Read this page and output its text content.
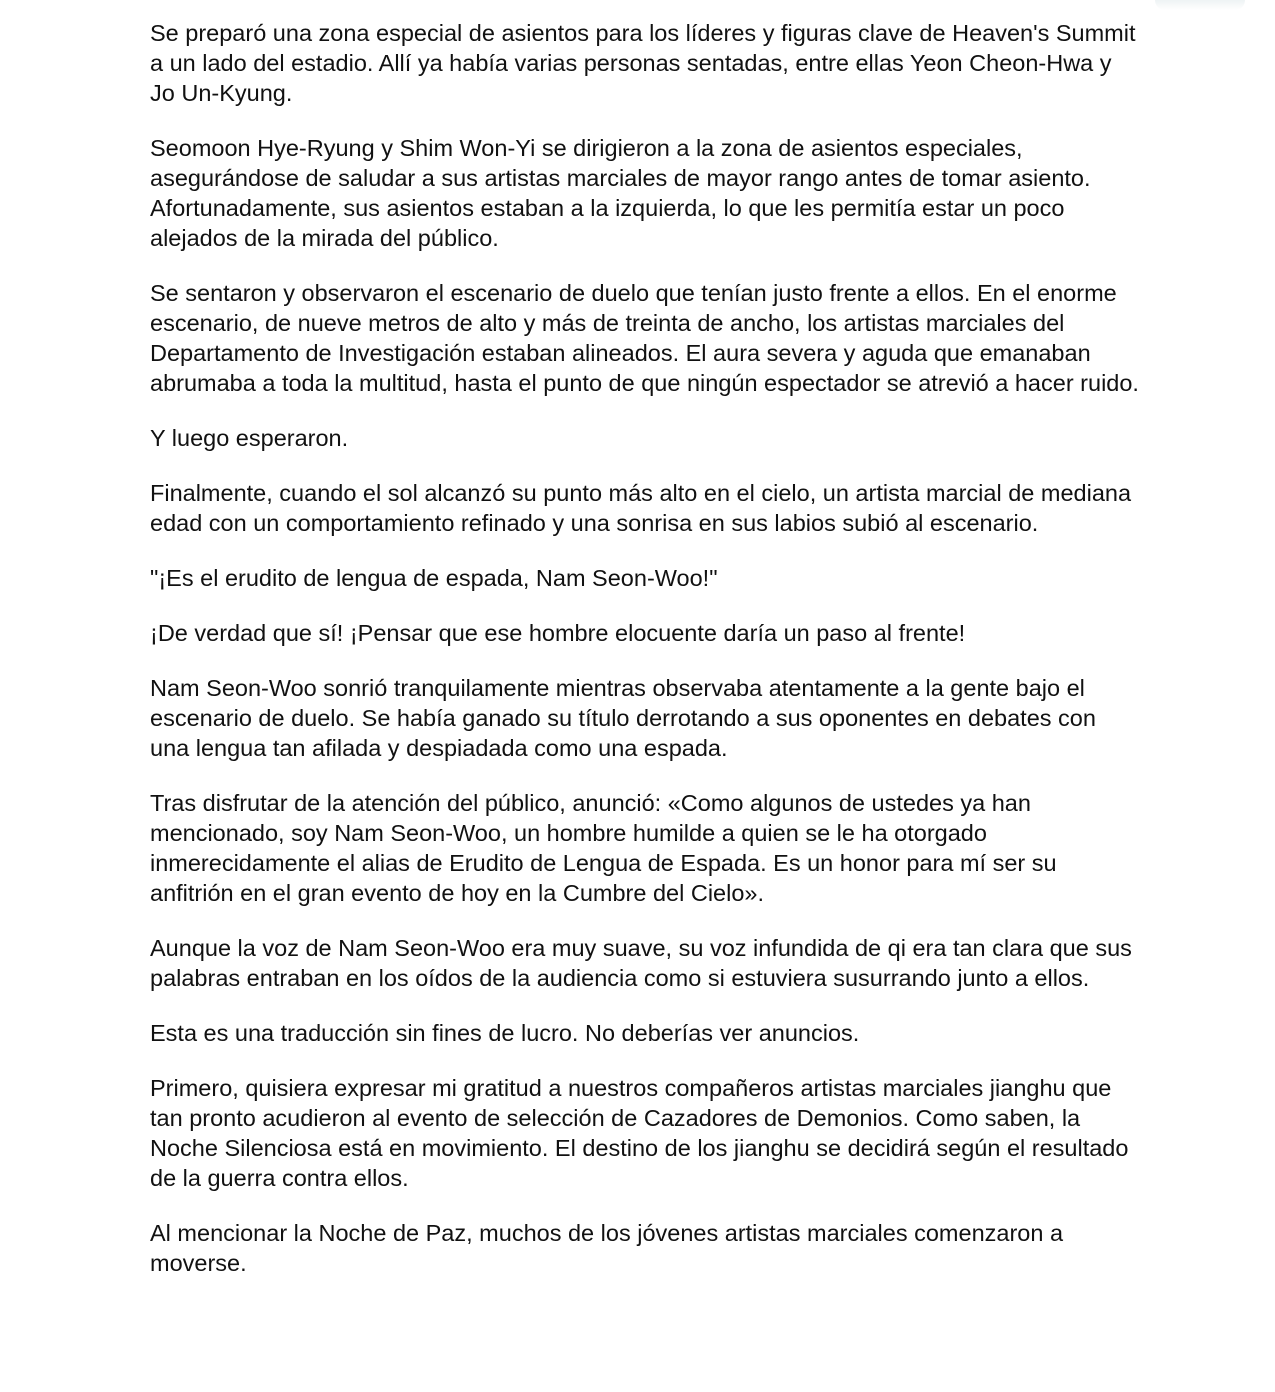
Se preparó una zona especial de asientos para los líderes y figuras clave de Heaven's Summit a un lado del estadio. Allí ya había varias personas sentadas, entre ellas Yeon Cheon-Hwa y Jo Un-Kyung.

Seomoon Hye-Ryung y Shim Won-Yi se dirigieron a la zona de asientos especiales, asegurándose de saludar a sus artistas marciales de mayor rango antes de tomar asiento. Afortunadamente, sus asientos estaban a la izquierda, lo que les permitía estar un poco alejados de la mirada del público.

Se sentaron y observaron el escenario de duelo que tenían justo frente a ellos. En el enorme escenario, de nueve metros de alto y más de treinta de ancho, los artistas marciales del Departamento de Investigación estaban alineados. El aura severa y aguda que emanaban abrumaba a toda la multitud, hasta el punto de que ningún espectador se atrevió a hacer ruido.

Y luego esperaron.

Finalmente, cuando el sol alcanzó su punto más alto en el cielo, un artista marcial de mediana edad con un comportamiento refinado y una sonrisa en sus labios subió al escenario.

"¡Es el erudito de lengua de espada, Nam Seon-Woo!"

¡De verdad que sí! ¡Pensar que ese hombre elocuente daría un paso al frente!

Nam Seon-Woo sonrió tranquilamente mientras observaba atentamente a la gente bajo el escenario de duelo. Se había ganado su título derrotando a sus oponentes en debates con una lengua tan afilada y despiadada como una espada.

Tras disfrutar de la atención del público, anunció: «Como algunos de ustedes ya han mencionado, soy Nam Seon-Woo, un hombre humilde a quien se le ha otorgado inmerecidamente el alias de Erudito de Lengua de Espada. Es un honor para mí ser su anfitrión en el gran evento de hoy en la Cumbre del Cielo».

Aunque la voz de Nam Seon-Woo era muy suave, su voz infundida de qi era tan clara que sus palabras entraban en los oídos de la audiencia como si estuviera susurrando junto a ellos.

Esta es una traducción sin fines de lucro. No deberías ver anuncios.

Primero, quisiera expresar mi gratitud a nuestros compañeros artistas marciales jianghu que tan pronto acudieron al evento de selección de Cazadores de Demonios. Como saben, la Noche Silenciosa está en movimiento. El destino de los jianghu se decidirá según el resultado de la guerra contra ellos.

Al mencionar la Noche de Paz, muchos de los jóvenes artistas marciales comenzaron a moverse.
